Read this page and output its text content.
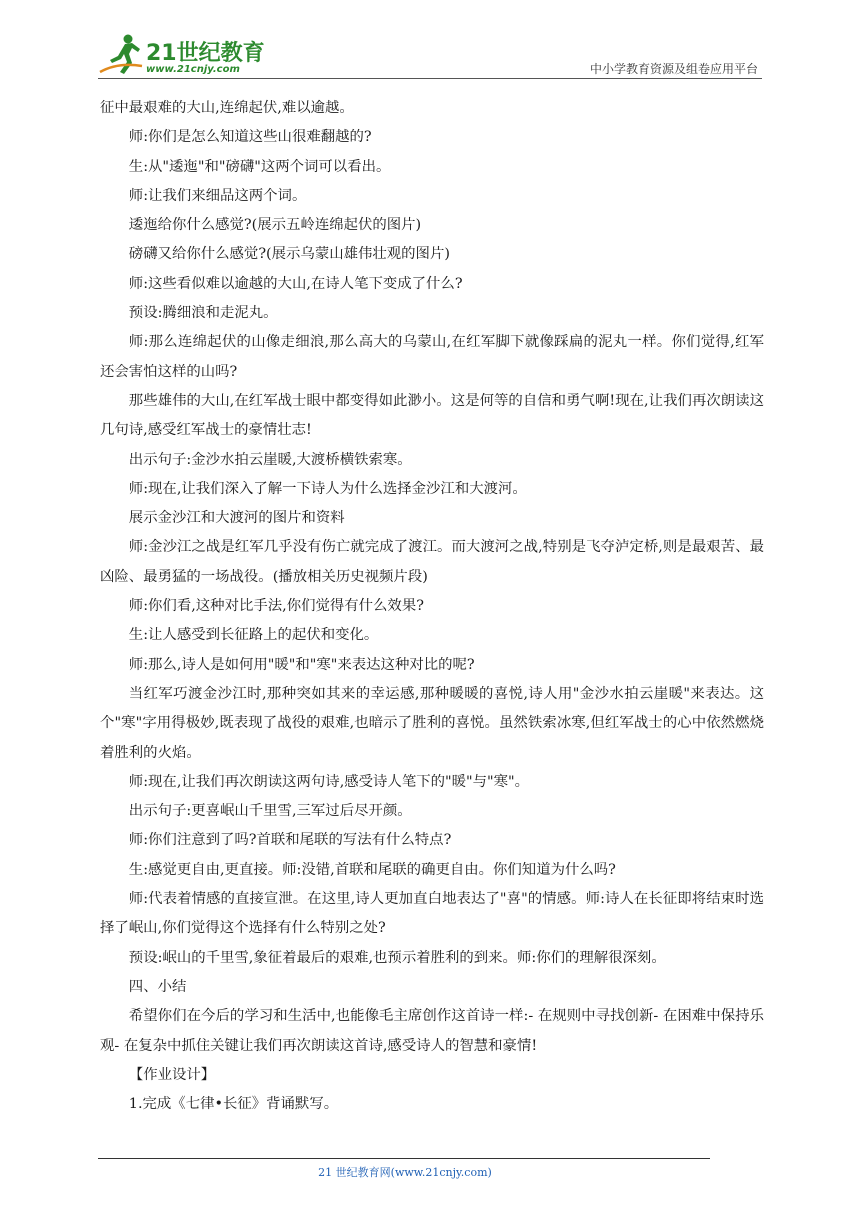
21世纪教育
www.21cnjy.com	中小学教育资源及组卷应用平台

征中最艰难的大山,连绵起伏,难以逾越。

师:你们是怎么知道这些山很难翻越的?

生:从"逶迤"和"磅礴"这两个词可以看出。

师:让我们来细品这两个词。

逶迤给你什么感觉?(展示五岭连绵起伏的图片)

磅礴又给你什么感觉?(展示乌蒙山雄伟壮观的图片)

师:这些看似难以逾越的大山,在诗人笔下变成了什么?

预设:腾细浪和走泥丸。

师:那么连绵起伏的山像走细浪,那么高大的乌蒙山,在红军脚下就像踩扁的泥丸一样。你们觉得,红军还会害怕这样的山吗?

那些雄伟的大山,在红军战士眼中都变得如此渺小。这是何等的自信和勇气啊!现在,让我们再次朗读这几句诗,感受红军战士的豪情壮志!

出示句子:金沙水拍云崖暖,大渡桥横铁索寒。

师:现在,让我们深入了解一下诗人为什么选择金沙江和大渡河。

展示金沙江和大渡河的图片和资料

师:金沙江之战是红军几乎没有伤亡就完成了渡江。而大渡河之战,特别是飞夺泸定桥,则是最艰苦、最凶险、最勇猛的一场战役。(播放相关历史视频片段)

师:你们看,这种对比手法,你们觉得有什么效果?

生:让人感受到长征路上的起伏和变化。

师:那么,诗人是如何用"暖"和"寒"来表达这种对比的呢?

当红军巧渡金沙江时,那种突如其来的幸运感,那种暖暖的喜悦,诗人用"金沙水拍云崖暖"来表达。这个"寒"字用得极妙,既表现了战役的艰难,也暗示了胜利的喜悦。虽然铁索冰寒,但红军战士的心中依然燃烧着胜利的火焰。

师:现在,让我们再次朗读这两句诗,感受诗人笔下的"暖"与"寒"。

出示句子:更喜岷山千里雪,三军过后尽开颜。

师:你们注意到了吗?首联和尾联的写法有什么特点?

生:感觉更自由,更直接。师:没错,首联和尾联的确更自由。你们知道为什么吗?

师:代表着情感的直接宣泄。在这里,诗人更加直白地表达了"喜"的情感。师:诗人在长征即将结束时选择了岷山,你们觉得这个选择有什么特别之处?

预设:岷山的千里雪,象征着最后的艰难,也预示着胜利的到来。师:你们的理解很深刻。

四、小结

希望你们在今后的学习和生活中,也能像毛主席创作这首诗一样:- 在规则中寻找创新- 在困难中保持乐观- 在复杂中抓住关键让我们再次朗读这首诗,感受诗人的智慧和豪情!

【作业设计】

1.完成《七律•长征》背诵默写。

21 世纪教育网(www.21cnjy.com)
